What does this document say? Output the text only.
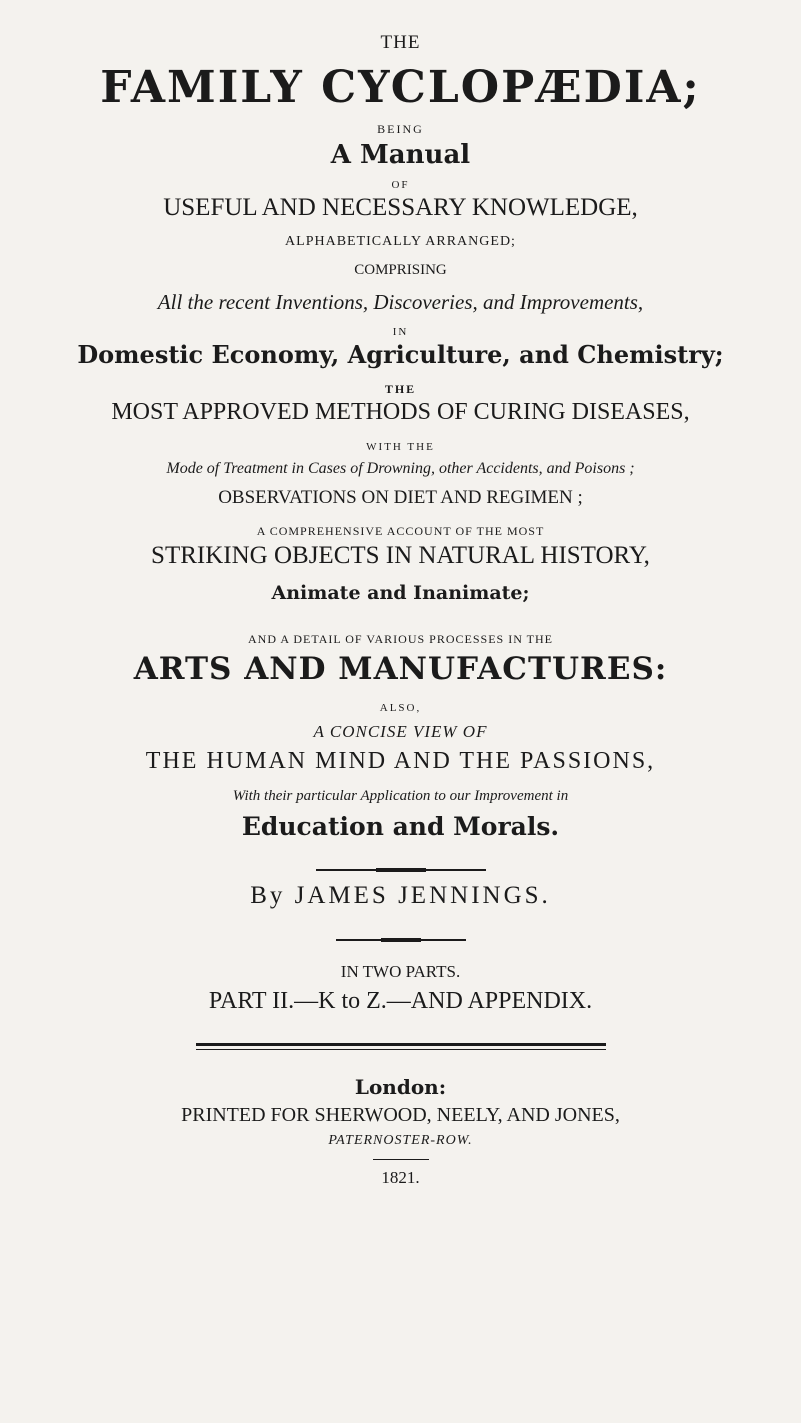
THE
FAMILY CYCLOPÆDIA;
BEING
A Manual
OF
USEFUL AND NECESSARY KNOWLEDGE,
ALPHABETICALLY ARRANGED;
COMPRISING
All the recent Inventions, Discoveries, and Improvements,
IN
Domestic Economy, Agriculture, and Chemistry;
THE
MOST APPROVED METHODS OF CURING DISEASES,
WITH THE
Mode of Treatment in Cases of Drowning, other Accidents, and Poisons ;
OBSERVATIONS ON DIET AND REGIMEN ;
A COMPREHENSIVE ACCOUNT OF THE MOST
STRIKING OBJECTS IN NATURAL HISTORY,
Animate and Inanimate;
AND A DETAIL OF VARIOUS PROCESSES IN THE
ARTS AND MANUFACTURES:
ALSO,
A CONCISE VIEW OF
THE HUMAN MIND AND THE PASSIONS,
With their particular Application to our Improvement in
Education and Morals.
By JAMES JENNINGS.
IN TWO PARTS.
PART II.—K to Z.—AND APPENDIX.
London:
PRINTED FOR SHERWOOD, NEELY, AND JONES,
PATERNOSTER-ROW.
1821.
